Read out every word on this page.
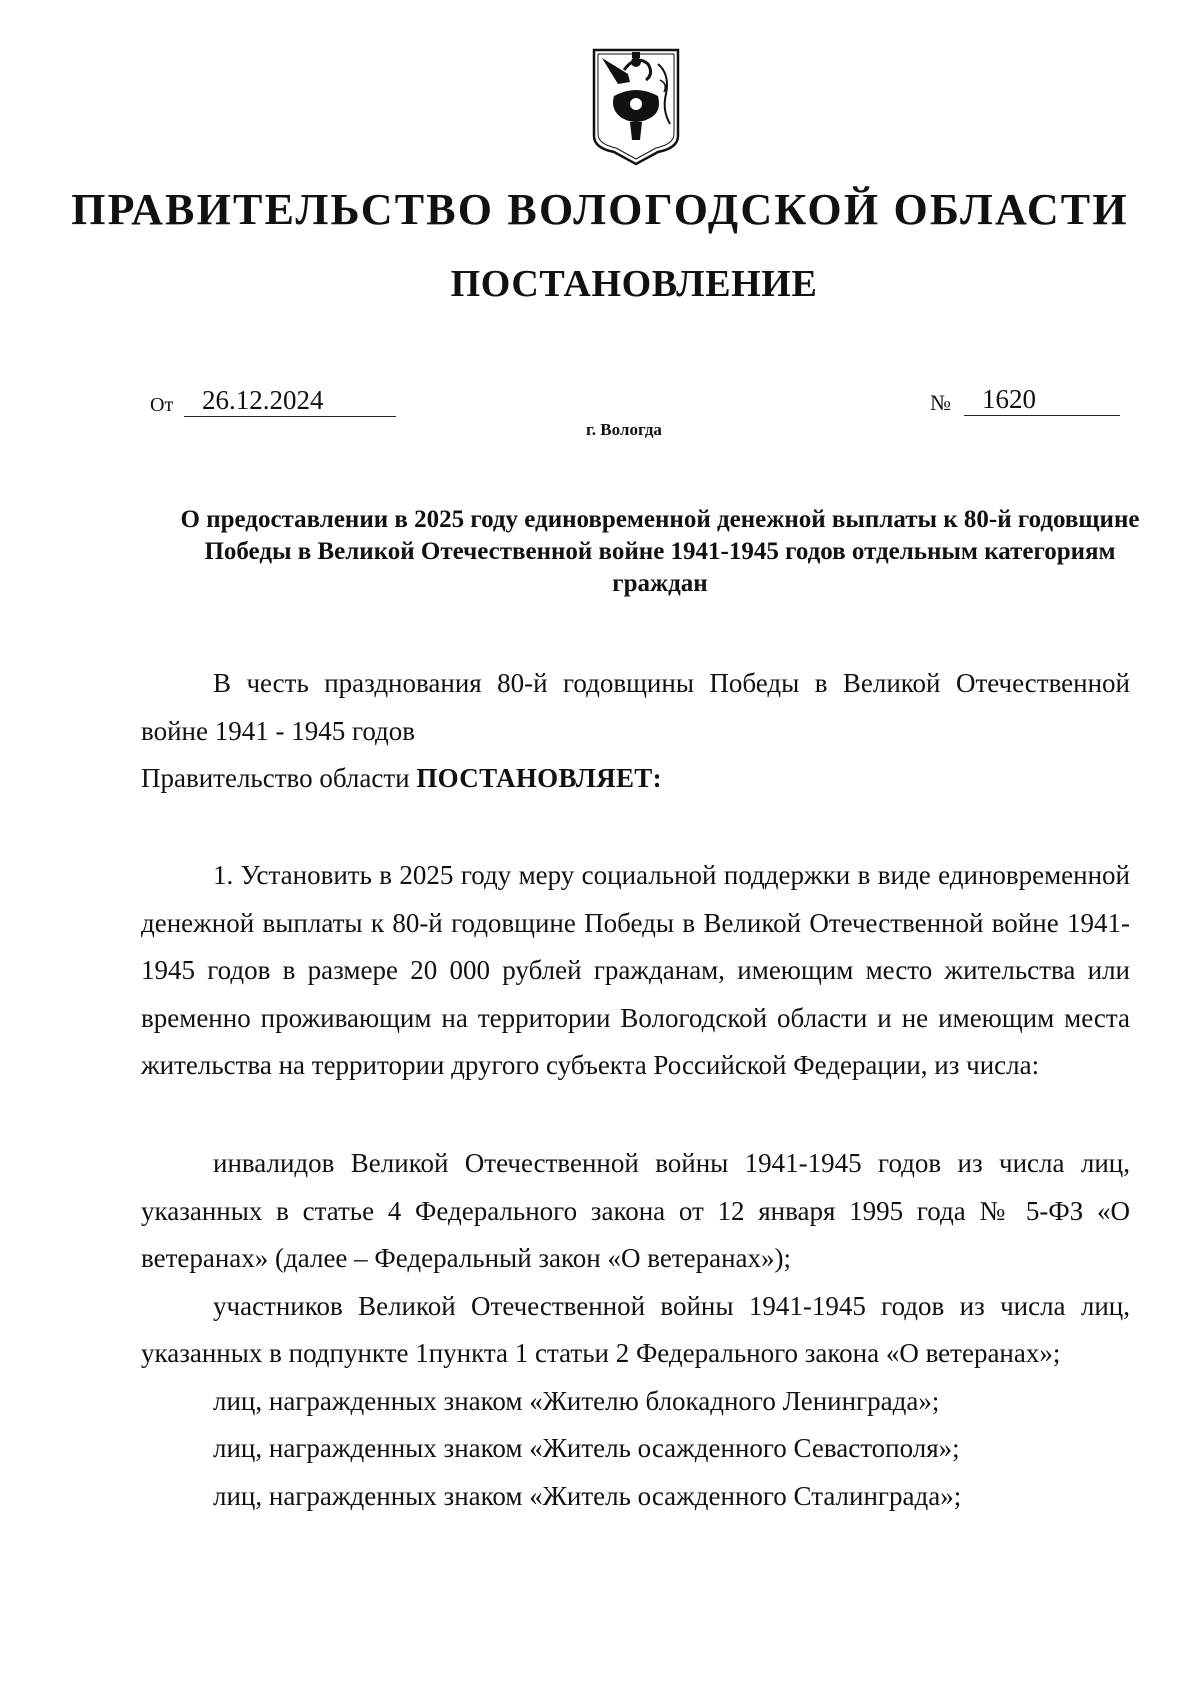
ПРАВИТЕЛЬСТВО ВОЛОГОДСКОЙ ОБЛАСТИ
ПОСТАНОВЛЕНИЕ
От	26.12.2024	№	1620
г. Вологда
О предоставлении в 2025 году единовременной денежной выплаты к 80-й годовщине Победы в Великой Отечественной войне 1941-1945 годов отдельным категориям граждан
В честь празднования 80-й годовщины Победы в Великой Отечественной войне 1941 - 1945 годов
Правительство области ПОСТАНОВЛЯЕТ:
1. Установить в 2025 году меру социальной поддержки в виде единовременной денежной выплаты к 80-й годовщине Победы в Великой Отечественной войне 1941-1945 годов в размере 20 000 рублей гражданам, имеющим место жительства или временно проживающим на территории Вологодской области и не имеющим места жительства на территории другого субъекта Российской Федерации, из числа:

инвалидов Великой Отечественной войны 1941-1945 годов из числа лиц, указанных в статье 4 Федерального закона от 12 января 1995 года № 5-ФЗ «О ветеранах» (далее – Федеральный закон «О ветеранах»);

участников Великой Отечественной войны 1941-1945 годов из числа лиц, указанных в подпункте 1пункта 1 статьи 2 Федерального закона «О ветеранах»;

лиц, награжденных знаком «Жителю блокадного Ленинграда»;

лиц, награжденных знаком «Житель осажденного Севастополя»;

лиц, награжденных знаком «Житель осажденного Сталинграда»;
